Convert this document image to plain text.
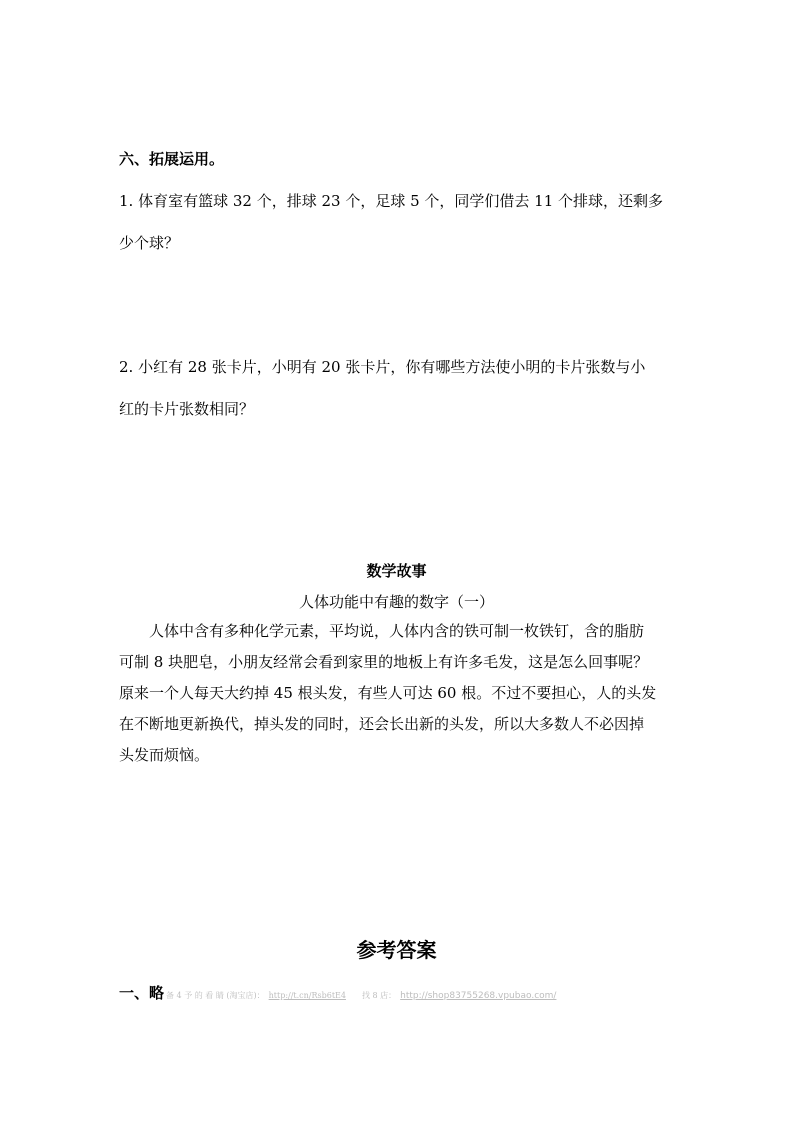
六、拓展运用。
1. 体育室有篮球 32 个，排球 23 个，足球 5 个，同学们借去 11 个排球，还剩多
少个球？
2. 小红有 28 张卡片，小明有 20 张卡片，你有哪些方法使小明的卡片张数与小
红的卡片张数相同？
数学故事
人体功能中有趣的数字（一）
　　人体中含有多种化学元素，平均说，人体内含的铁可制一枚铁钉，含的脂肪
可制 8 块肥皂，小朋友经常会看到家里的地板上有许多毛发，这是怎么回事呢？
原来一个人每天大约掉 45 根头发，有些人可达 60 根。不过不要担心，人的头发
在不断地更新换代，掉头发的同时，还会长出新的头发，所以大多数人不必因掉
头发而烦恼。
参考答案
一、略 备 4 予 的 看 睛 (淘宝店)： http://t.cn/Rsb6tE4 找 8 店： http://shop83755268.vpubao.com/
